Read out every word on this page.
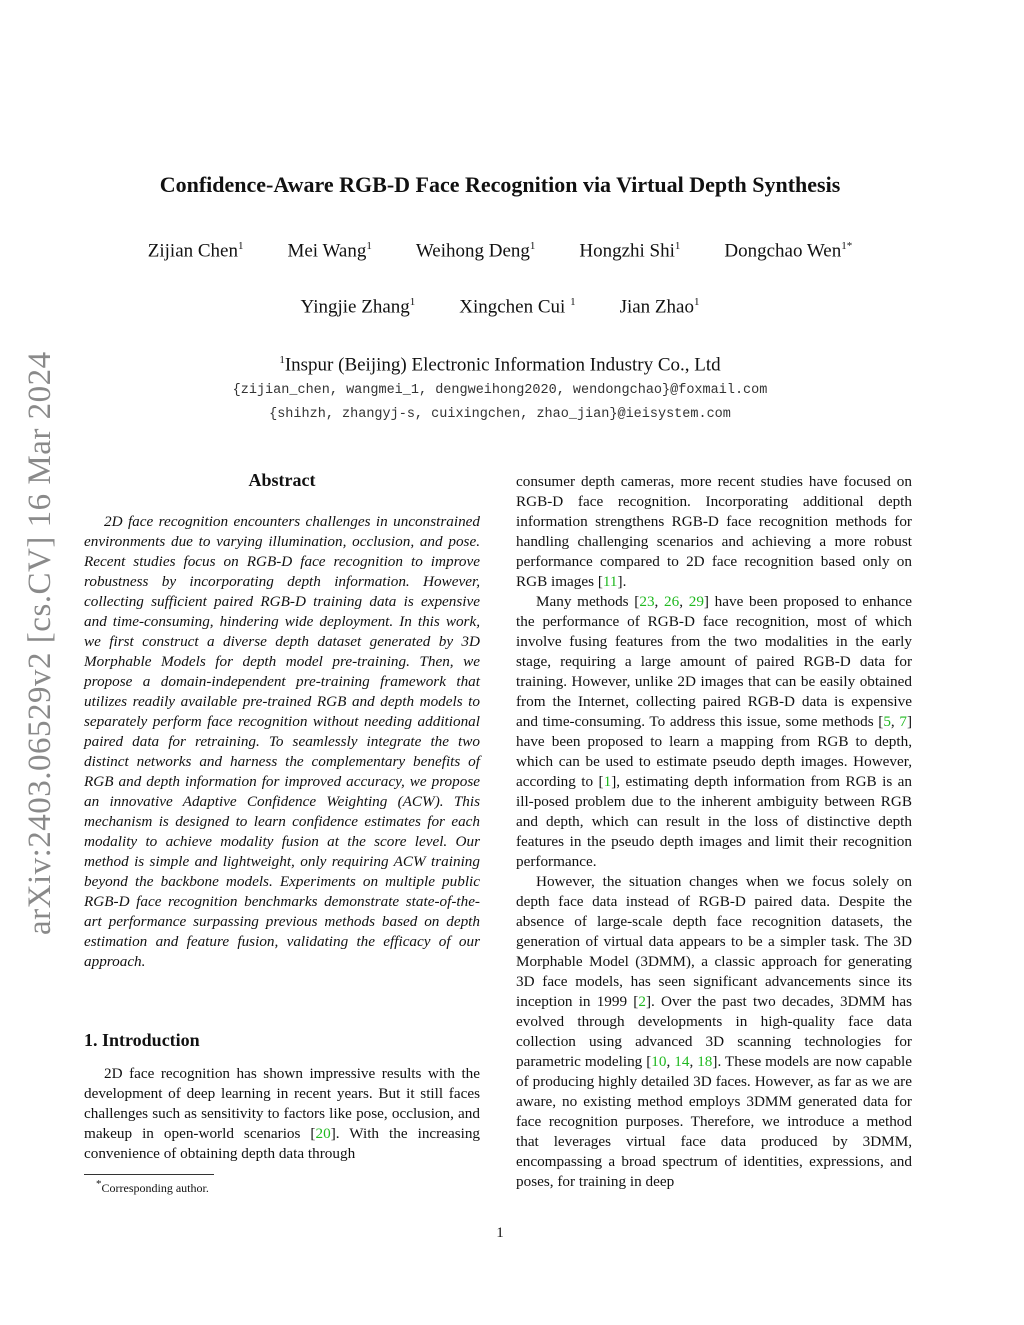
arXiv:2403.06529v2 [cs.CV] 16 Mar 2024
Confidence-Aware RGB-D Face Recognition via Virtual Depth Synthesis
Zijian Chen$^1$ Mei Wang$^1$ Weihong Deng$^1$ Hongzhi Shi$^1$ Dongchao Wen$^{1*}$
Yingjie Zhang$^1$ Xingchen Cui $^1$ Jian Zhao$^1$
$^1$Inspur (Beijing) Electronic Information Industry Co., Ltd
{zijian_chen, wangmei_1, dengweihong2020, wendongchao}@foxmail.com
{shihzh, zhangyj-s, cuixingchen, zhao_jian}@ieisystem.com
Abstract

2D face recognition encounters challenges in unconstrained environments due to varying illumination, occlusion, and pose. Recent studies focus on RGB-D face recognition to improve robustness by incorporating depth information. However, collecting sufficient paired RGB-D training data is expensive and time-consuming, hindering wide deployment. In this work, we first construct a diverse depth dataset generated by 3D Morphable Models for depth model pre-training. Then, we propose a domain-independent pre-training framework that utilizes readily available pre-trained RGB and depth models to separately perform face recognition without needing additional paired data for retraining. To seamlessly integrate the two distinct networks and harness the complementary benefits of RGB and depth information for improved accuracy, we propose an innovative Adaptive Confidence Weighting (ACW). This mechanism is designed to learn confidence estimates for each modality to achieve modality fusion at the score level. Our method is simple and lightweight, only requiring ACW training beyond the backbone models. Experiments on multiple public RGB-D face recognition benchmarks demonstrate state-of-the-art performance surpassing previous methods based on depth estimation and feature fusion, validating the efficacy of our approach.

1. Introduction

2D face recognition has shown impressive results with the development of deep learning in recent years. But it still faces challenges such as sensitivity to factors like pose, occlusion, and makeup in open-world scenarios [20]. With the increasing convenience of obtaining depth data through

consumer depth cameras, more recent studies have focused on RGB-D face recognition. Incorporating additional depth information strengthens RGB-D face recognition methods for handling challenging scenarios and achieving a more robust performance compared to 2D face recognition based only on RGB images [11].

Many methods [23, 26, 29] have been proposed to enhance the performance of RGB-D face recognition, most of which involve fusing features from the two modalities in the early stage, requiring a large amount of paired RGB-D data for training. However, unlike 2D images that can be easily obtained from the Internet, collecting paired RGB-D data is expensive and time-consuming. To address this issue, some methods [5, 7] have been proposed to learn a mapping from RGB to depth, which can be used to estimate pseudo depth images. However, according to [1], estimating depth information from RGB is an ill-posed problem due to the inherent ambiguity between RGB and depth, which can result in the loss of distinctive depth features in the pseudo depth images and limit their recognition performance.

However, the situation changes when we focus solely on depth face data instead of RGB-D paired data. Despite the absence of large-scale depth face recognition datasets, the generation of virtual data appears to be a simpler task. The 3D Morphable Model (3DMM), a classic approach for generating 3D face models, has seen significant advancements since its inception in 1999 [2]. Over the past two decades, 3DMM has evolved through developments in high-quality face data collection using advanced 3D scanning technologies for parametric modeling [10, 14, 18]. These models are now capable of producing highly detailed 3D faces. However, as far as we are aware, no existing method employs 3DMM generated data for face recognition purposes. Therefore, we introduce a method that leverages virtual face data produced by 3DMM, encompassing a broad spectrum of identities, expressions, and poses, for training in deep

*Corresponding author.
1
